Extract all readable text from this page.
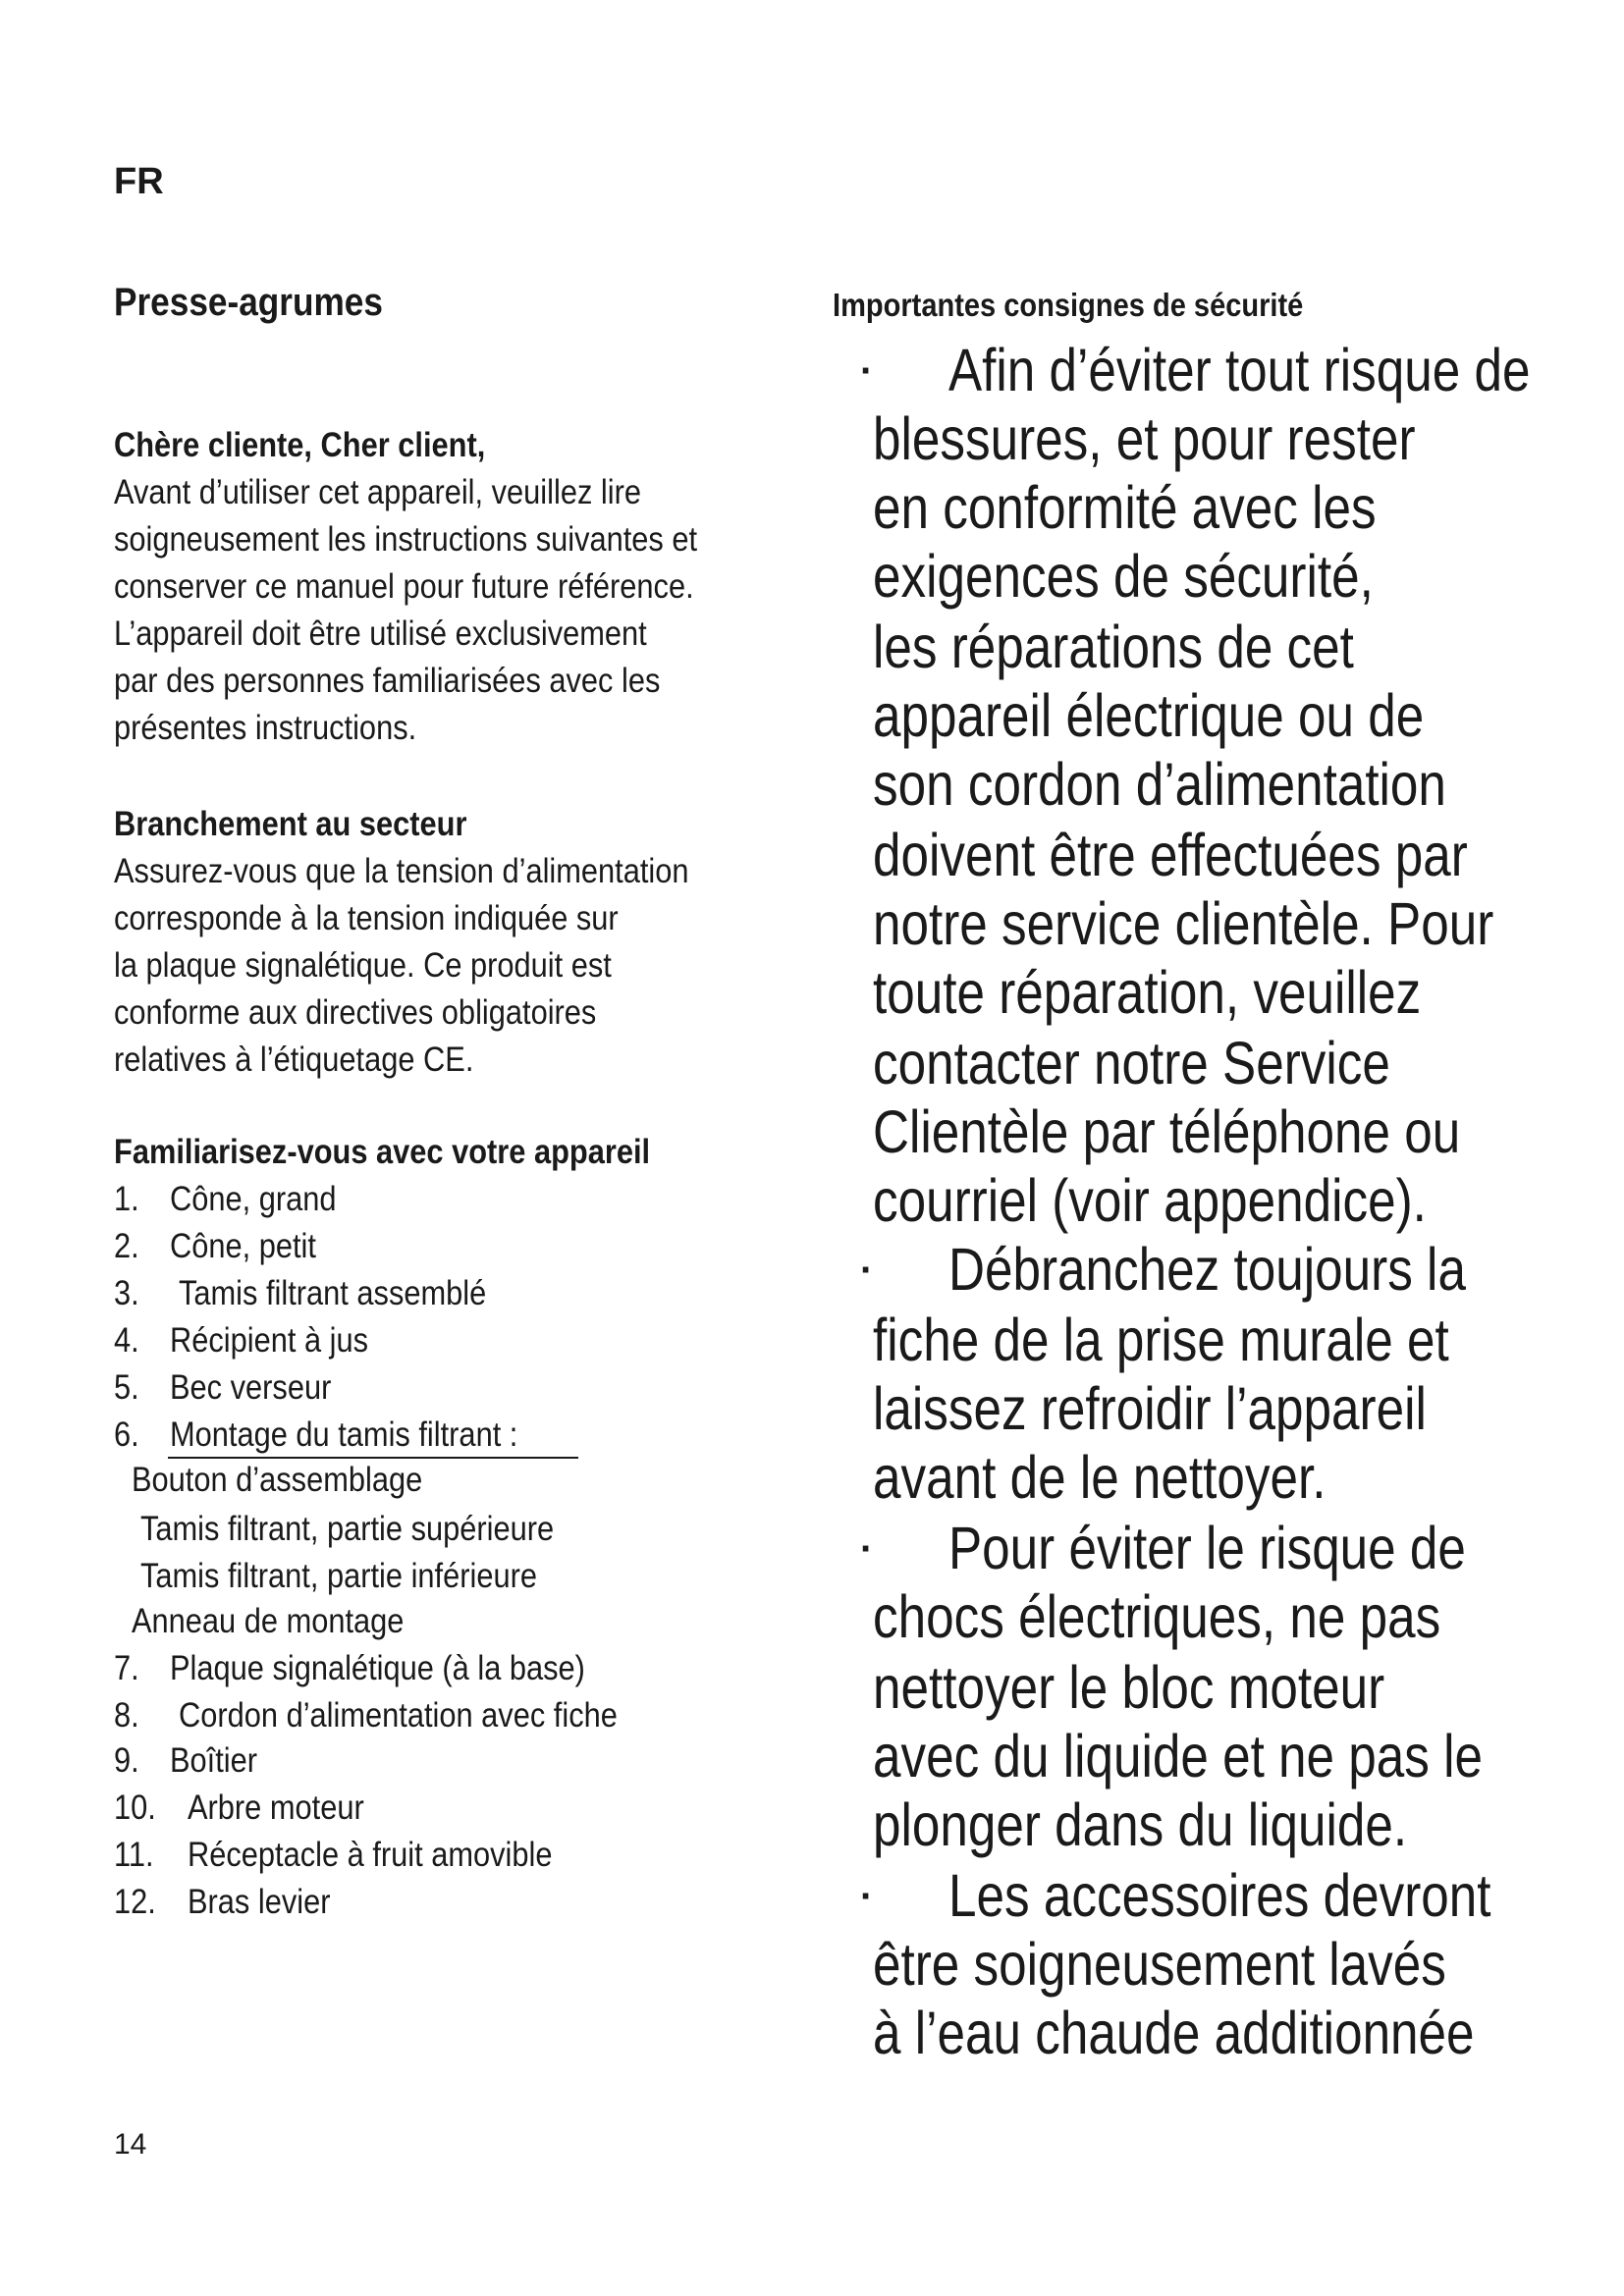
FR
Presse-agrumes
Chère cliente, Cher client,
Avant d’utiliser cet appareil, veuillez lire
soigneusement les instructions suivantes et
conserver ce manuel pour future référence.
L’appareil doit être utilisé exclusivement
par des personnes familiarisées avec les
présentes instructions.
Branchement au secteur
Assurez-vous que la tension d’alimentation
corresponde à la tension indiquée sur
la plaque signalétique. Ce produit est
conforme aux directives obligatoires
relatives à l’étiquetage CE.
Familiarisez-vous avec votre appareil
1. Cône, grand
2. Cône, petit
3. Tamis filtrant assemblé
4. Récipient à jus
5. Bec verseur
6. Montage du tamis filtrant :
Bouton d’assemblage
Tamis filtrant, partie supérieure
Tamis filtrant, partie inférieure
Anneau de montage
7. Plaque signalétique (à la base)
8. Cordon d’alimentation avec fiche
9. Boîtier
10. Arbre moteur
11. Réceptacle à fruit amovible
12. Bras levier
14
Importantes consignes de sécurité
· Afin d’éviter tout risque de
blessures, et pour rester
en conformité avec les
exigences de sécurité,
les réparations de cet
appareil électrique ou de
son cordon d’alimentation
doivent être effectuées par
notre service clientèle. Pour
toute réparation, veuillez
contacter notre Service
Clientèle par téléphone ou
courriel (voir appendice).
· Débranchez toujours la
fiche de la prise murale et
laissez refroidir l’appareil
avant de le nettoyer.
· Pour éviter le risque de
chocs électriques, ne pas
nettoyer le bloc moteur
avec du liquide et ne pas le
plonger dans du liquide.
· Les accessoires devront
être soigneusement lavés
à l’eau chaude additionnée
